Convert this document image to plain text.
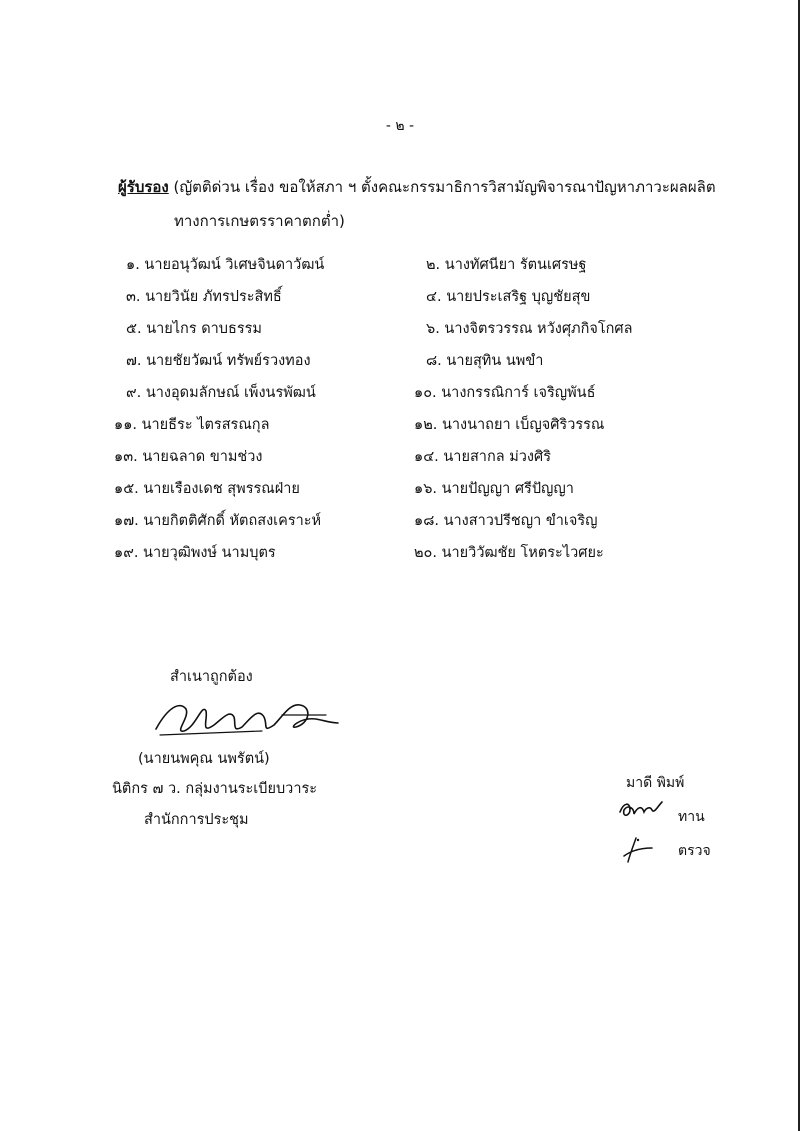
- ๒ -
ผู้รับรอง (ญัตติด่วน เรื่อง ขอให้สภา ฯ ตั้งคณะกรรมาธิการวิสามัญพิจารณาปัญหาภาวะผลผลิต
ทางการเกษตรราคาตกต่ำ)
๑. นายอนุวัฒน์ วิเศษจินดาวัฒน์	๒. นางทัศนียา รัตนเศรษฐ
๓. นายวินัย ภัทรประสิทธิ์	๔. นายประเสริฐ บุญชัยสุข
๕. นายไกร ดาบธรรม	๖. นางจิตรวรรณ หวังศุภกิจโกศล
๗. นายชัยวัฒน์ ทรัพย์รวงทอง	๘. นายสุทิน นพขำ
๙. นางอุดมลักษณ์ เพ็งนรพัฒน์	๑๐. นางกรรณิการ์ เจริญพันธ์
๑๑. นายธีระ ไตรสรณกุล	๑๒. นางนาถยา เบ็ญจศิริวรรณ
๑๓. นายฉลาด ขามช่วง	๑๔. นายสากล ม่วงศิริ
๑๕. นายเรืองเดช สุพรรณฝ่าย	๑๖. นายปัญญา ศรีปัญญา
๑๗. นายกิตติศักดิ์ หัตถสงเคราะห์	๑๘. นางสาวปรีชญา ขำเจริญ
๑๙. นายวุฒิพงษ์ นามบุตร	๒๐. นายวิวัฒชัย โหตระไวศยะ
สำเนาถูกต้อง
(นายนพคุณ นพรัตน์)
นิติกร ๗ ว. กลุ่มงานระเบียบวาระ
สำนักการประชุม
มาดี พิมพ์
ทาน
ตรวจ
